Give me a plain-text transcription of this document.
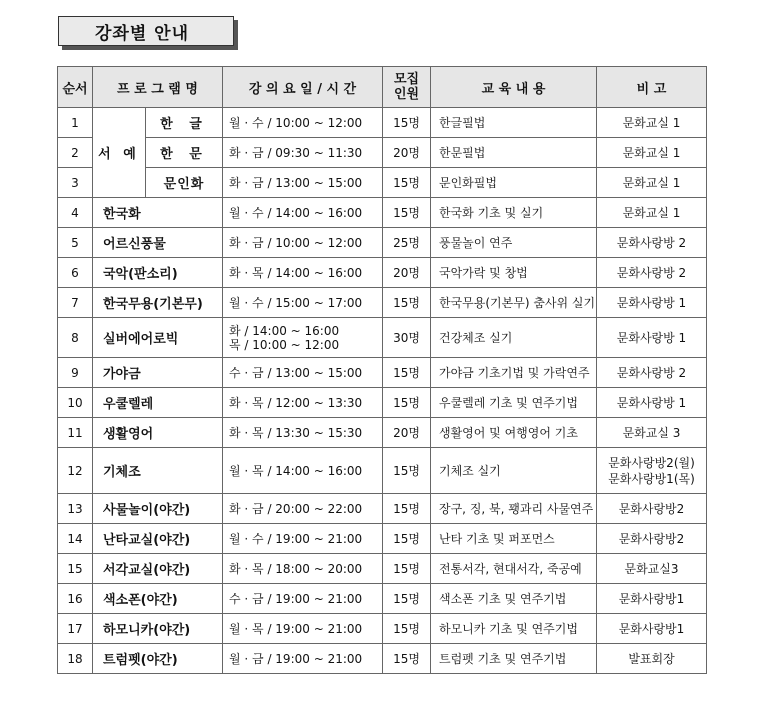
강좌별 안내
순서	프 로 그 램 명		강 의 요 일 / 시 간	모집
인원	교 육 내 용	비 고
1	서 예	한 글	월 · 수 / 10:00 ~ 12:00	15명	한글필법	문화교실 1
2		한 문	화 · 금 / 09:30 ~ 11:30	20명	한문필법	문화교실 1
3		문인화	화 · 금 / 13:00 ~ 15:00	15명	문인화필법	문화교실 1
4	한국화		월 · 수 / 14:00 ~ 16:00	15명	한국화 기초 및 실기	문화교실 1
5	어르신풍물		화 · 금 / 10:00 ~ 12:00	25명	풍물놀이 연주	문화사랑방 2
6	국악(판소리)		화 · 목 / 14:00 ~ 16:00	20명	국악가락 및 창법	문화사랑방 2
7	한국무용(기본무)		월 · 수 / 15:00 ~ 17:00	15명	한국무용(기본무) 춤사위 실기	문화사랑방 1
8	실버에어로빅		화 / 14:00 ~ 16:00
목 / 10:00 ~ 12:00	30명	건강체조 실기	문화사랑방 1
9	가야금		수 · 금 / 13:00 ~ 15:00	15명	가야금 기초기법 및 가락연주	문화사랑방 2
10	우쿨렐레		화 · 목 / 12:00 ~ 13:30	15명	우쿨렐레 기초 및 연주기법	문화사랑방 1
11	생활영어		화 · 목 / 13:30 ~ 15:30	20명	생활영어 및 여행영어 기초	문화교실 3
12	기체조		월 · 목 / 14:00 ~ 16:00	15명	기체조 실기	문화사랑방2(월)
문화사랑방1(목)
13	사물놀이(야간)		화 · 금 / 20:00 ~ 22:00	15명	장구, 징, 북, 꽹과리 사물연주	문화사랑방2
14	난타교실(야간)		월 · 수 / 19:00 ~ 21:00	15명	난타 기초 및 퍼포먼스	문화사랑방2
15	서각교실(야간)		화 · 목 / 18:00 ~ 20:00	15명	전통서각, 현대서각, 죽공예	문화교실3
16	색소폰(야간)		수 · 금 / 19:00 ~ 21:00	15명	색소폰 기초 및 연주기법	문화사랑방1
17	하모니카(야간)		월 · 목 / 19:00 ~ 21:00	15명	하모니카 기초 및 연주기법	문화사랑방1
18	트럼펫(야간)		월 · 금 / 19:00 ~ 21:00	15명	트럼펫 기초 및 연주기법	발표회장
